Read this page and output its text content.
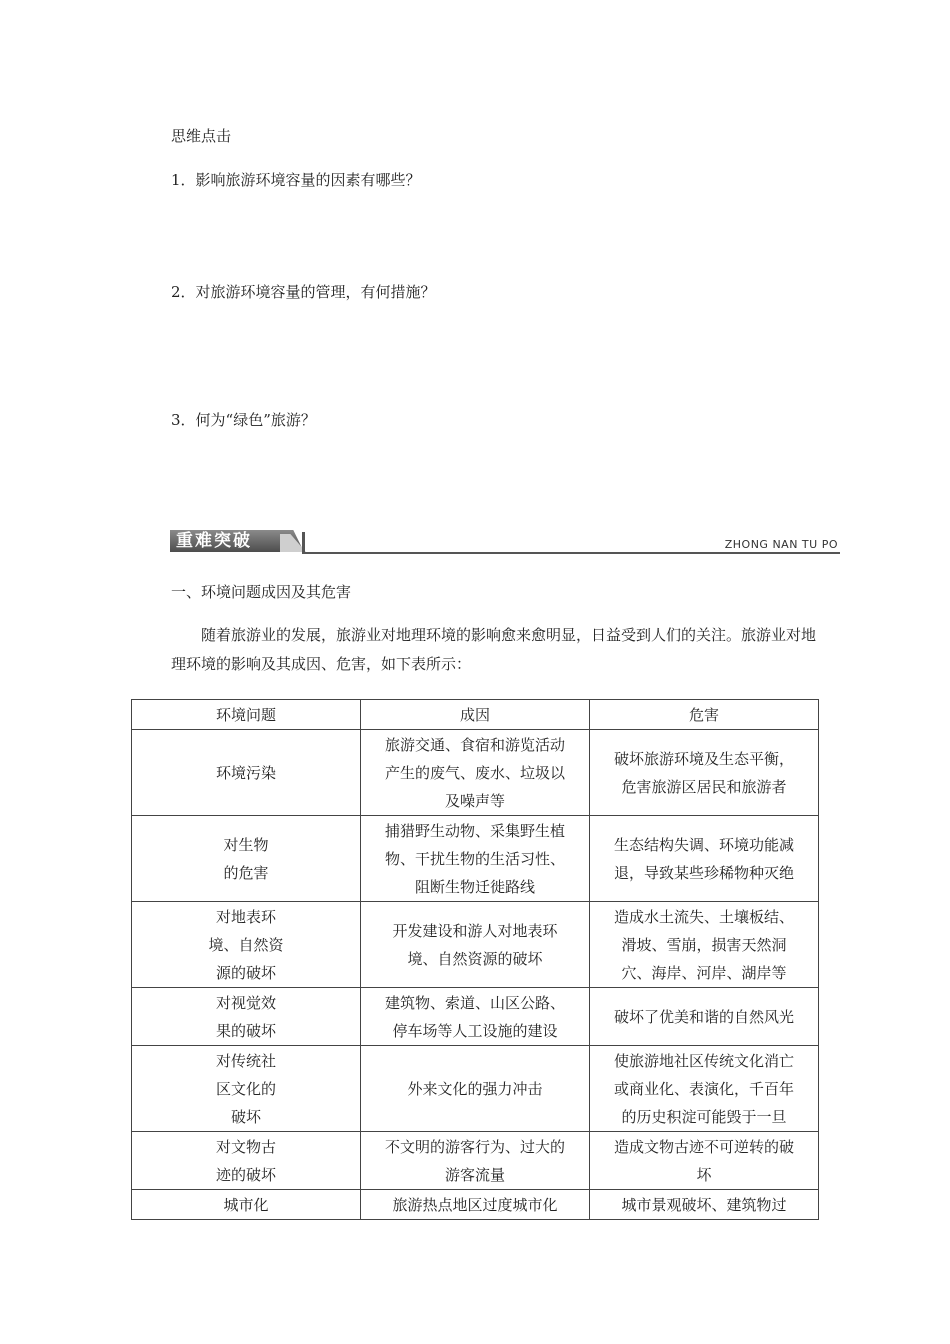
思维点击

1．影响旅游环境容量的因素有哪些？

2．对旅游环境容量的管理，有何措施？

3．何为“绿色”旅游？

重难突破	ZHONG NAN TU PO

一、环境问题成因及其危害

随着旅游业的发展，旅游业对地理环境的影响愈来愈明显，日益受到人们的关注。旅游业对地理环境的影响及其成因、危害，如下表所示：

环境问题	成因	危害

环境污染	旅游交通、食宿和游览活动
产生的废气、废水、垃圾以
及噪声等	破坏旅游环境及生态平衡，
危害旅游区居民和旅游者

对生物
的危害	捕猎野生动物、采集野生植
物、干扰生物的生活习性、
阻断生物迁徙路线	生态结构失调、环境功能减
退，导致某些珍稀物种灭绝

对地表环
境、自然资
源的破坏	开发建设和游人对地表环
境、自然资源的破坏	造成水土流失、土壤板结、
滑坡、雪崩，损害天然洞
穴、海岸、河岸、湖岸等

对视觉效
果的破坏	建筑物、索道、山区公路、
停车场等人工设施的建设	破坏了优美和谐的自然风光

对传统社
区文化的
破坏	外来文化的强力冲击	使旅游地社区传统文化消亡
或商业化、表演化，千百年
的历史积淀可能毁于一旦

对文物古
迹的破坏	不文明的游客行为、过大的
游客流量	造成文物古迹不可逆转的破
坏

城市化	旅游热点地区过度城市化	城市景观破坏、建筑物过
